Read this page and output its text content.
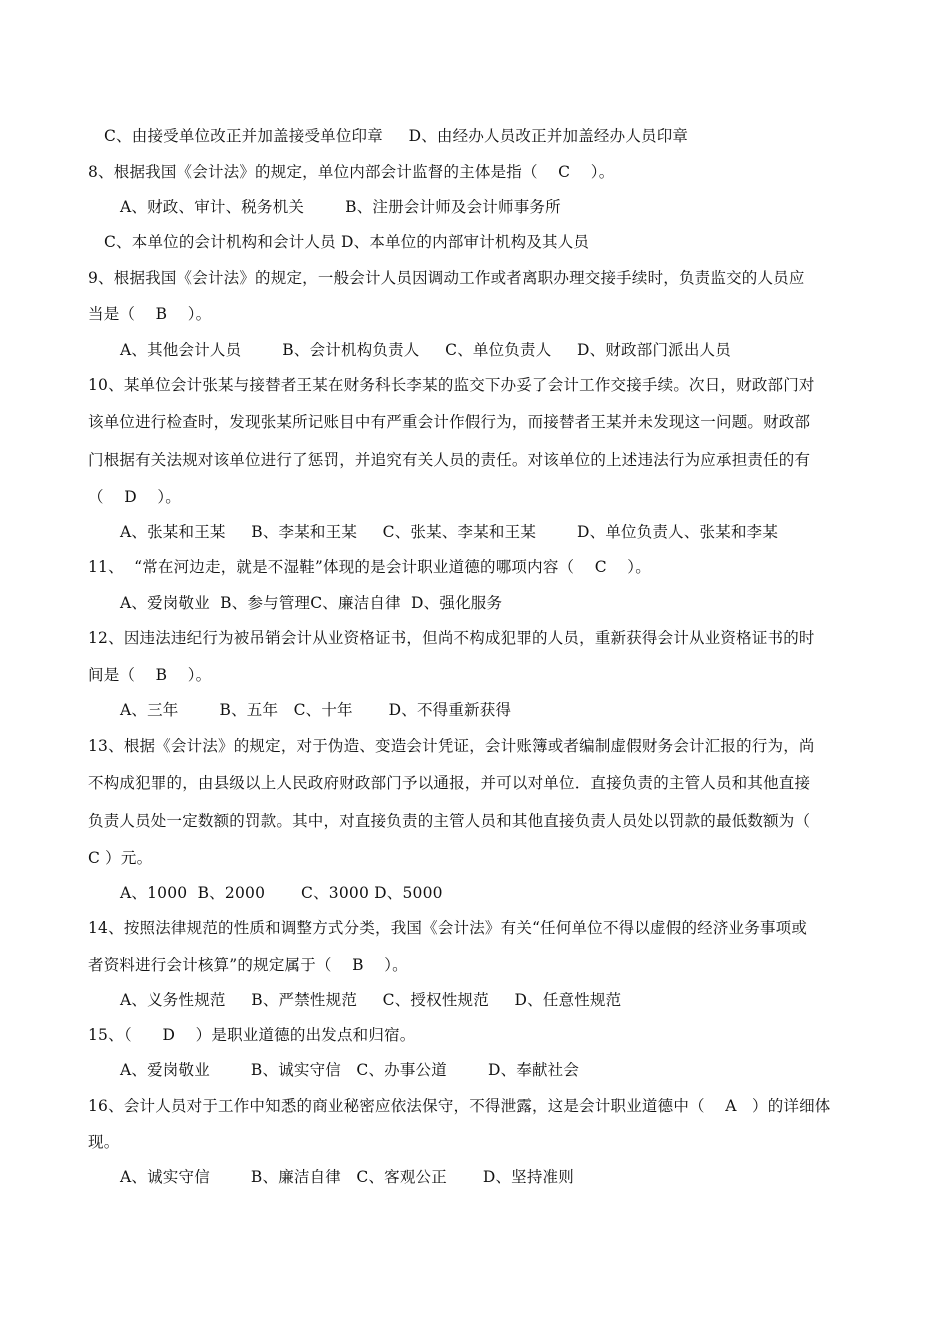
C、由接受单位改正并加盖接受单位印章     D、由经办人员改正并加盖经办人员印章
8、根据我国《会计法》的规定，单位内部会计监督的主体是指（    C    ）。
A、财政、审计、税务机关        B、注册会计师及会计师事务所
C、本单位的会计机构和会计人员 D、本单位的内部审计机构及其人员
9、根据我国《会计法》的规定，一般会计人员因调动工作或者离职办理交接手续时，负责监交的人员应
当是（    B    ）。
A、其他会计人员        B、会计机构负责人     C、单位负责人     D、财政部门派出人员
10、某单位会计张某与接替者王某在财务科长李某的监交下办妥了会计工作交接手续。次日，财政部门对
该单位进行检查时，发现张某所记账目中有严重会计作假行为，而接替者王某并未发现这一问题。财政部
门根据有关法规对该单位进行了惩罚，并追究有关人员的责任。对该单位的上述违法行为应承担责任的有
（    D    ）。
A、张某和王某     B、李某和王某     C、张某、李某和王某        D、单位负责人、张某和李某
11、  “常在河边走，就是不湿鞋”体现的是会计职业道德的哪项内容（    C    ）。
A、爱岗敬业  B、参与管理C、廉洁自律  D、强化服务
12、因违法违纪行为被吊销会计从业资格证书，但尚不构成犯罪的人员，重新获得会计从业资格证书的时
间是（    B    ）。
A、三年        B、五年   C、十年       D、不得重新获得
13、根据《会计法》的规定，对于伪造、变造会计凭证，会计账簿或者编制虚假财务会计汇报的行为，尚
不构成犯罪的，由县级以上人民政府财政部门予以通报，并可以对单位．直接负责的主管人员和其他直接
负责人员处一定数额的罚款。其中，对直接负责的主管人员和其他直接负责人员处以罚款的最低数额为（
C ）元。
A、1000  B、2000       C、3000 D、5000
14、按照法律规范的性质和调整方式分类，我国《会计法》有关“任何单位不得以虚假的经济业务事项或
者资料进行会计核算”的规定属于（    B    ）。
A、义务性规范     B、严禁性规范     C、授权性规范     D、任意性规范
15、（      D    ）是职业道德的出发点和归宿。
A、爱岗敬业        B、诚实守信   C、办事公道        D、奉献社会
16、会计人员对于工作中知悉的商业秘密应依法保守，不得泄露，这是会计职业道德中（    A   ）的详细体
现。
A、诚实守信        B、廉洁自律   C、客观公正       D、坚持准则
